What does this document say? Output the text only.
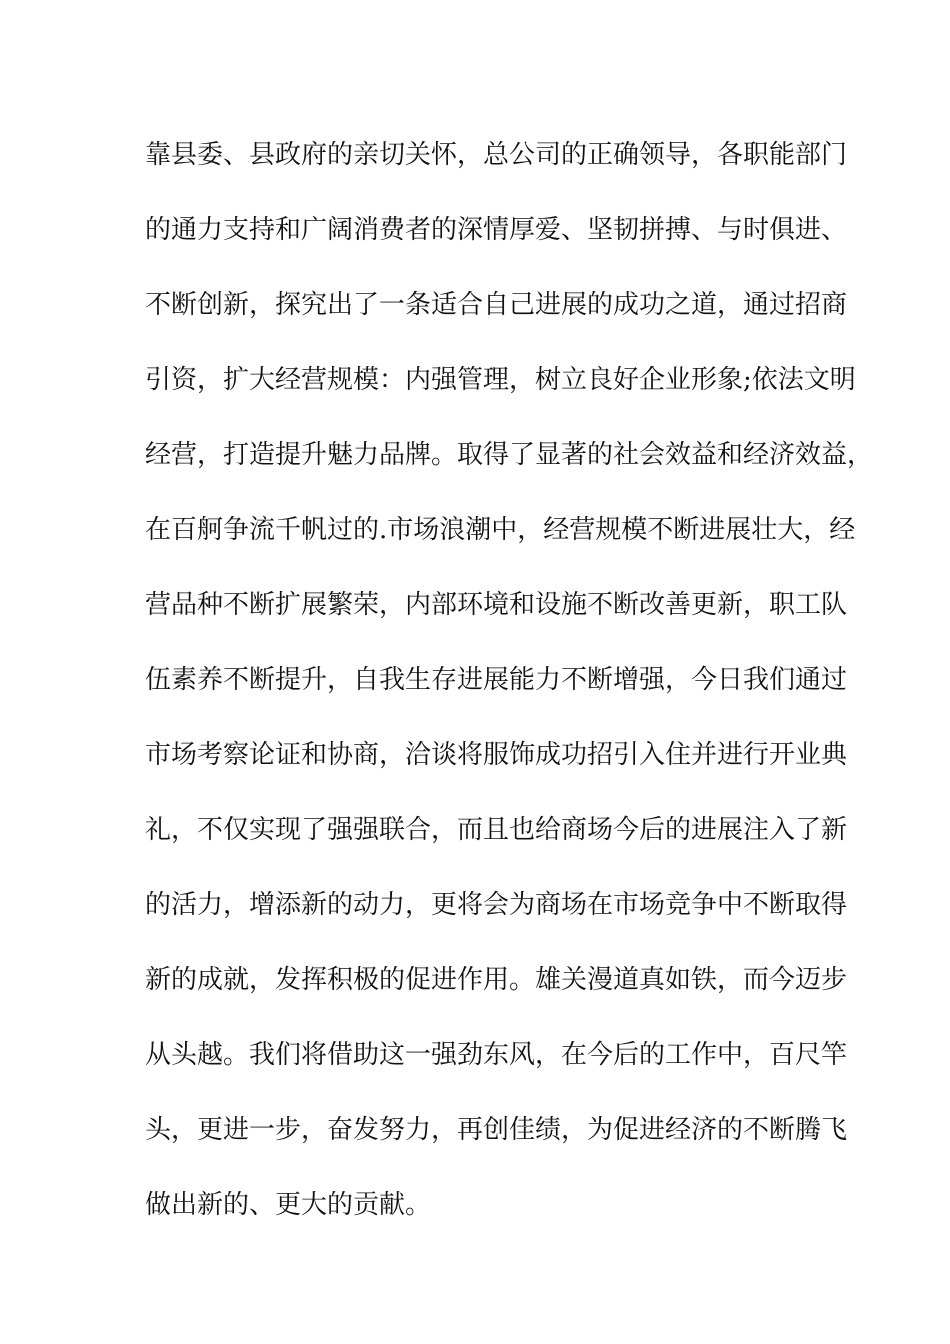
靠县委、县政府的亲切关怀，总公司的正确领导，各职能部门
的通力支持和广阔消费者的深情厚爱、坚韧拼搏、与时俱进、
不断创新，探究出了一条适合自己进展的成功之道，通过招商
引资，扩大经营规模：内强管理，树立良好企业形象;依法文明
经营，打造提升魅力品牌。取得了显著的社会效益和经济效益，
在百舸争流千帆过的.市场浪潮中，经营规模不断进展壮大，经
营品种不断扩展繁荣，内部环境和设施不断改善更新，职工队
伍素养不断提升，自我生存进展能力不断增强，今日我们通过
市场考察论证和协商，洽谈将服饰成功招引入住并进行开业典
礼，不仅实现了强强联合，而且也给商场今后的进展注入了新
的活力，增添新的动力，更将会为商场在市场竞争中不断取得
新的成就，发挥积极的促进作用。雄关漫道真如铁，而今迈步
从头越。我们将借助这一强劲东风，在今后的工作中，百尺竿
头，更进一步，奋发努力，再创佳绩，为促进经济的不断腾飞
做出新的、更大的贡献。
